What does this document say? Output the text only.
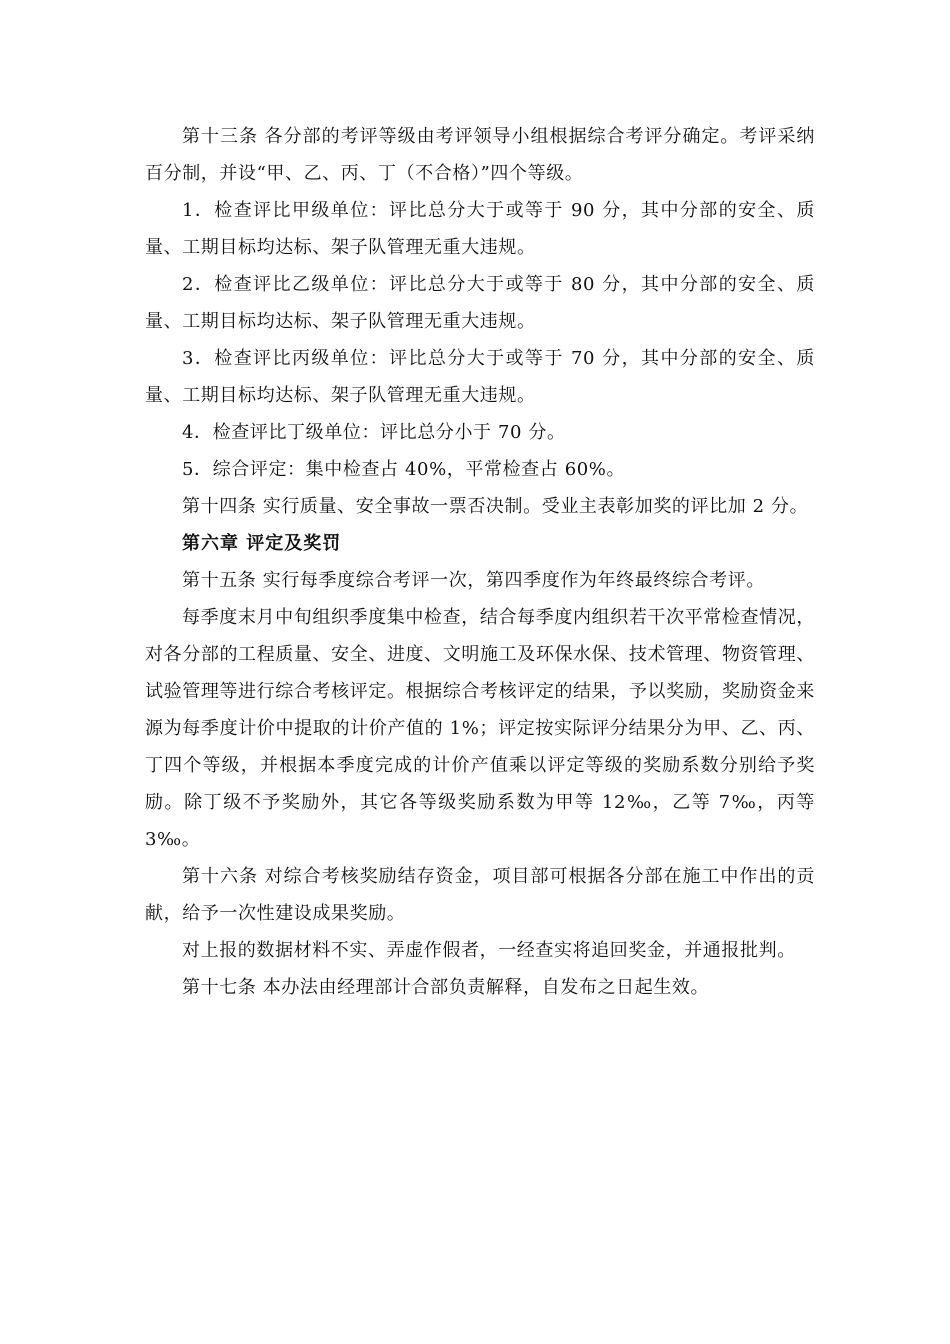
第十三条 各分部的考评等级由考评领导小组根据综合考评分确定。考评采纳百分制，并设“甲、乙、丙、丁（不合格）”四个等级。

1．检查评比甲级单位：评比总分大于或等于 90 分，其中分部的安全、质量、工期目标均达标、架子队管理无重大违规。

2．检查评比乙级单位：评比总分大于或等于 80 分，其中分部的安全、质量、工期目标均达标、架子队管理无重大违规。

3．检查评比丙级单位：评比总分大于或等于 70 分，其中分部的安全、质量、工期目标均达标、架子队管理无重大违规。

4．检查评比丁级单位：评比总分小于 70 分。

5．综合评定：集中检查占 40%，平常检查占 60%。

第十四条 实行质量、安全事故一票否决制。受业主表彰加奖的评比加 2 分。

第六章 评定及奖罚

第十五条 实行每季度综合考评一次，第四季度作为年终最终综合考评。

每季度末月中旬组织季度集中检查，结合每季度内组织若干次平常检查情况，对各分部的工程质量、安全、进度、文明施工及环保水保、技术管理、物资管理、试验管理等进行综合考核评定。根据综合考核评定的结果，予以奖励，奖励资金来源为每季度计价中提取的计价产值的 1%；评定按实际评分结果分为甲、乙、丙、丁四个等级，并根据本季度完成的计价产值乘以评定等级的奖励系数分别给予奖励。除丁级不予奖励外，其它各等级奖励系数为甲等 12‰，乙等 7‰，丙等 3‰。

第十六条 对综合考核奖励结存资金，项目部可根据各分部在施工中作出的贡献，给予一次性建设成果奖励。

对上报的数据材料不实、弄虚作假者，一经查实将追回奖金，并通报批判。

第十七条 本办法由经理部计合部负责解释，自发布之日起生效。
